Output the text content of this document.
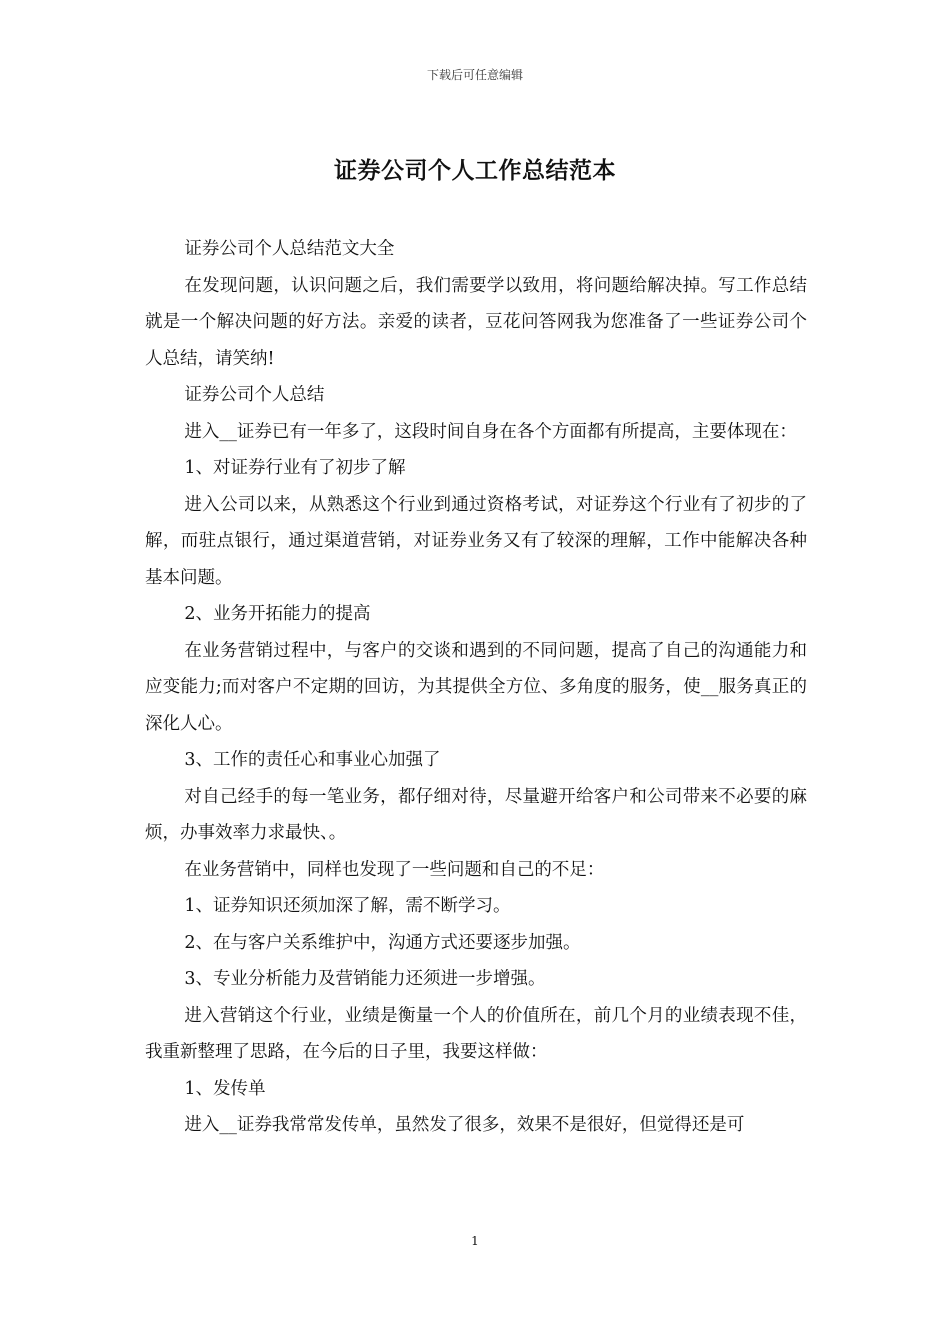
下载后可任意编辑
证券公司个人工作总结范本

证券公司个人总结范文大全

在发现问题，认识问题之后，我们需要学以致用，将问题给解决掉。写工作总结就是一个解决问题的好方法。亲爱的读者，豆花问答网我为您准备了一些证券公司个人总结，请笑纳!

证券公司个人总结

进入__证券已有一年多了，这段时间自身在各个方面都有所提高，主要体现在：

1、对证券行业有了初步了解

进入公司以来，从熟悉这个行业到通过资格考试，对证券这个行业有了初步的了解，而驻点银行，通过渠道营销，对证券业务又有了较深的理解，工作中能解决各种基本问题。

2、业务开拓能力的提高

在业务营销过程中，与客户的交谈和遇到的不同问题，提高了自己的沟通能力和应变能力;而对客户不定期的回访，为其提供全方位、多角度的服务，使__服务真正的深化人心。

3、工作的责任心和事业心加强了

对自己经手的每一笔业务，都仔细对待，尽量避开给客户和公司带来不必要的麻烦，办事效率力求最快、。

在业务营销中，同样也发现了一些问题和自己的不足：

1、证券知识还须加深了解，需不断学习。

2、在与客户关系维护中，沟通方式还要逐步加强。

3、专业分析能力及营销能力还须进一步增强。

进入营销这个行业，业绩是衡量一个人的价值所在，前几个月的业绩表现不佳，我重新整理了思路，在今后的日子里，我要这样做：

1、发传单

进入__证券我常常发传单，虽然发了很多，效果不是很好，但觉得还是可

1
